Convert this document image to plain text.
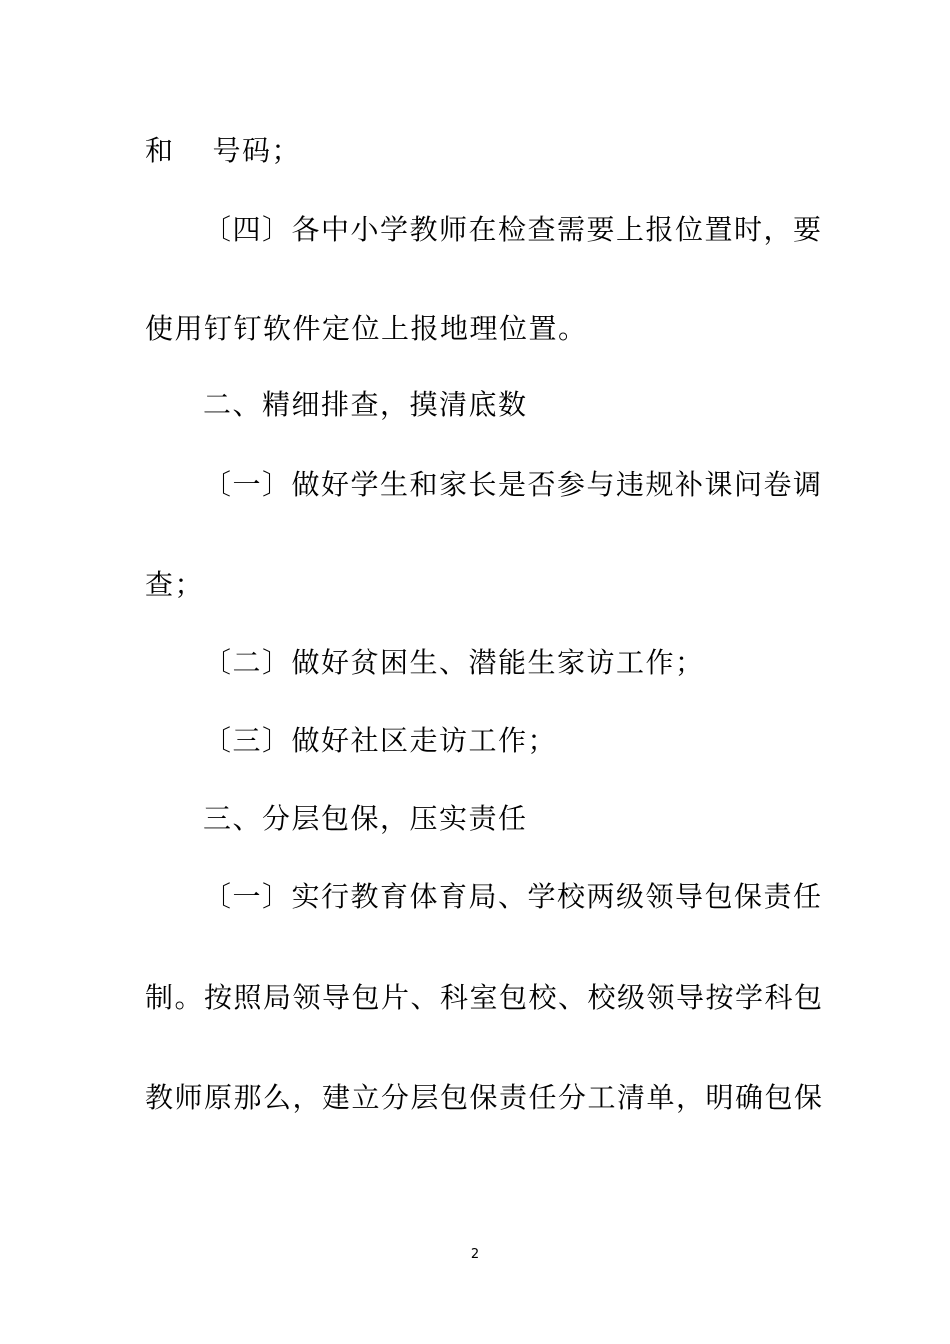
和 号码；
〔四〕各中小学教师在检查需要上报位置时，要
使用钉钉软件定位上报地理位置。
二、精细排查，摸清底数
〔一〕做好学生和家长是否参与违规补课问卷调
查；
〔二〕做好贫困生、潜能生家访工作；
〔三〕做好社区走访工作；
三、分层包保，压实责任
〔一〕实行教育体育局、学校两级领导包保责任
制。按照局领导包片、科室包校、校级领导按学科包
教师原那么，建立分层包保责任分工清单，明确包保
2
